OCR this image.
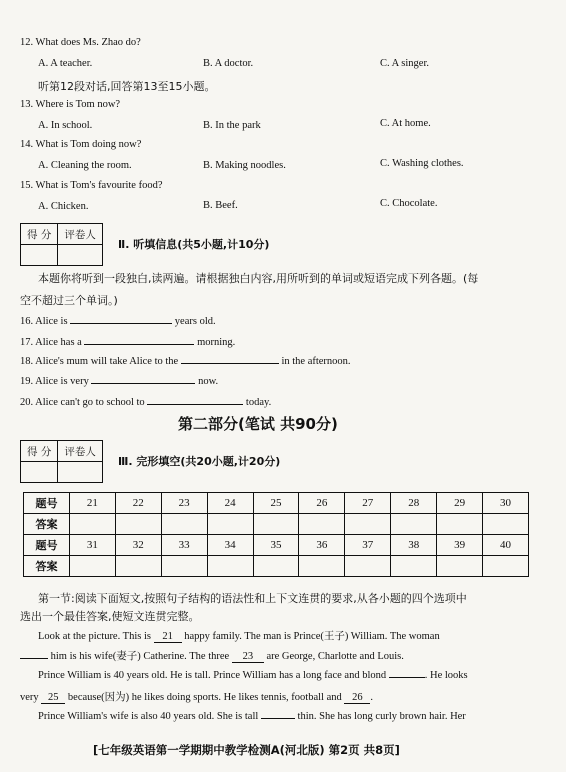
12. What does Ms. Zhao do?
A. A teacher.	B. A doctor.	C. A singer.
听第12段对话,回答第13至15小题。
13. Where is Tom now?
A. In school.	B. In the park	C. At home.
14. What is Tom doing now?
A. Cleaning the room.	B. Making noodles.	C. Washing clothes.
15. What is Tom's favourite food?
A. Chicken.	B. Beef.	C. Chocolate.
得 分	评卷人

Ⅱ. 听填信息(共5小题,计10分)
本题你将听到一段独白,读两遍。请根据独白内容,用所听到的单词或短语完成下列各题。(每
空不超过三个单词。)
16. Alice is	years old.
17. Alice has a	morning.
18. Alice's mum will take Alice to the	in the afternoon.
19. Alice is very	now.
20. Alice can't go to school to	today.
第二部分(笔试 共90分)
得 分	评卷人

Ⅲ. 完形填空(共20小题,计20分)
题号	21	22	23	24	25	26	27	28	29	30
答案										
题号	31	32	33	34	35	36	37	38	39	40
答案										
第一节:阅读下面短文,按照句子结构的语法性和上下文连贯的要求,从各小题的四个选项中
选出一个最佳答案,使短文连贯完整。
Look at the picture. This is 21 happy family. The man is Prince(王子) William. The woman
him is his wife(妻子) Catherine. The three 23 are George, Charlotte and Louis.
Prince William is 40 years old. He is tall. Prince William has a long face and blond	. He looks
very 25 because(因为) he likes doing sports. He likes tennis, football and 26 .
Prince William's wife is also 40 years old. She is tall	thin. She has long curly brown hair. Her
[七年级英语第一学期期中教学检测A(河北版) 第2页 共8页]
